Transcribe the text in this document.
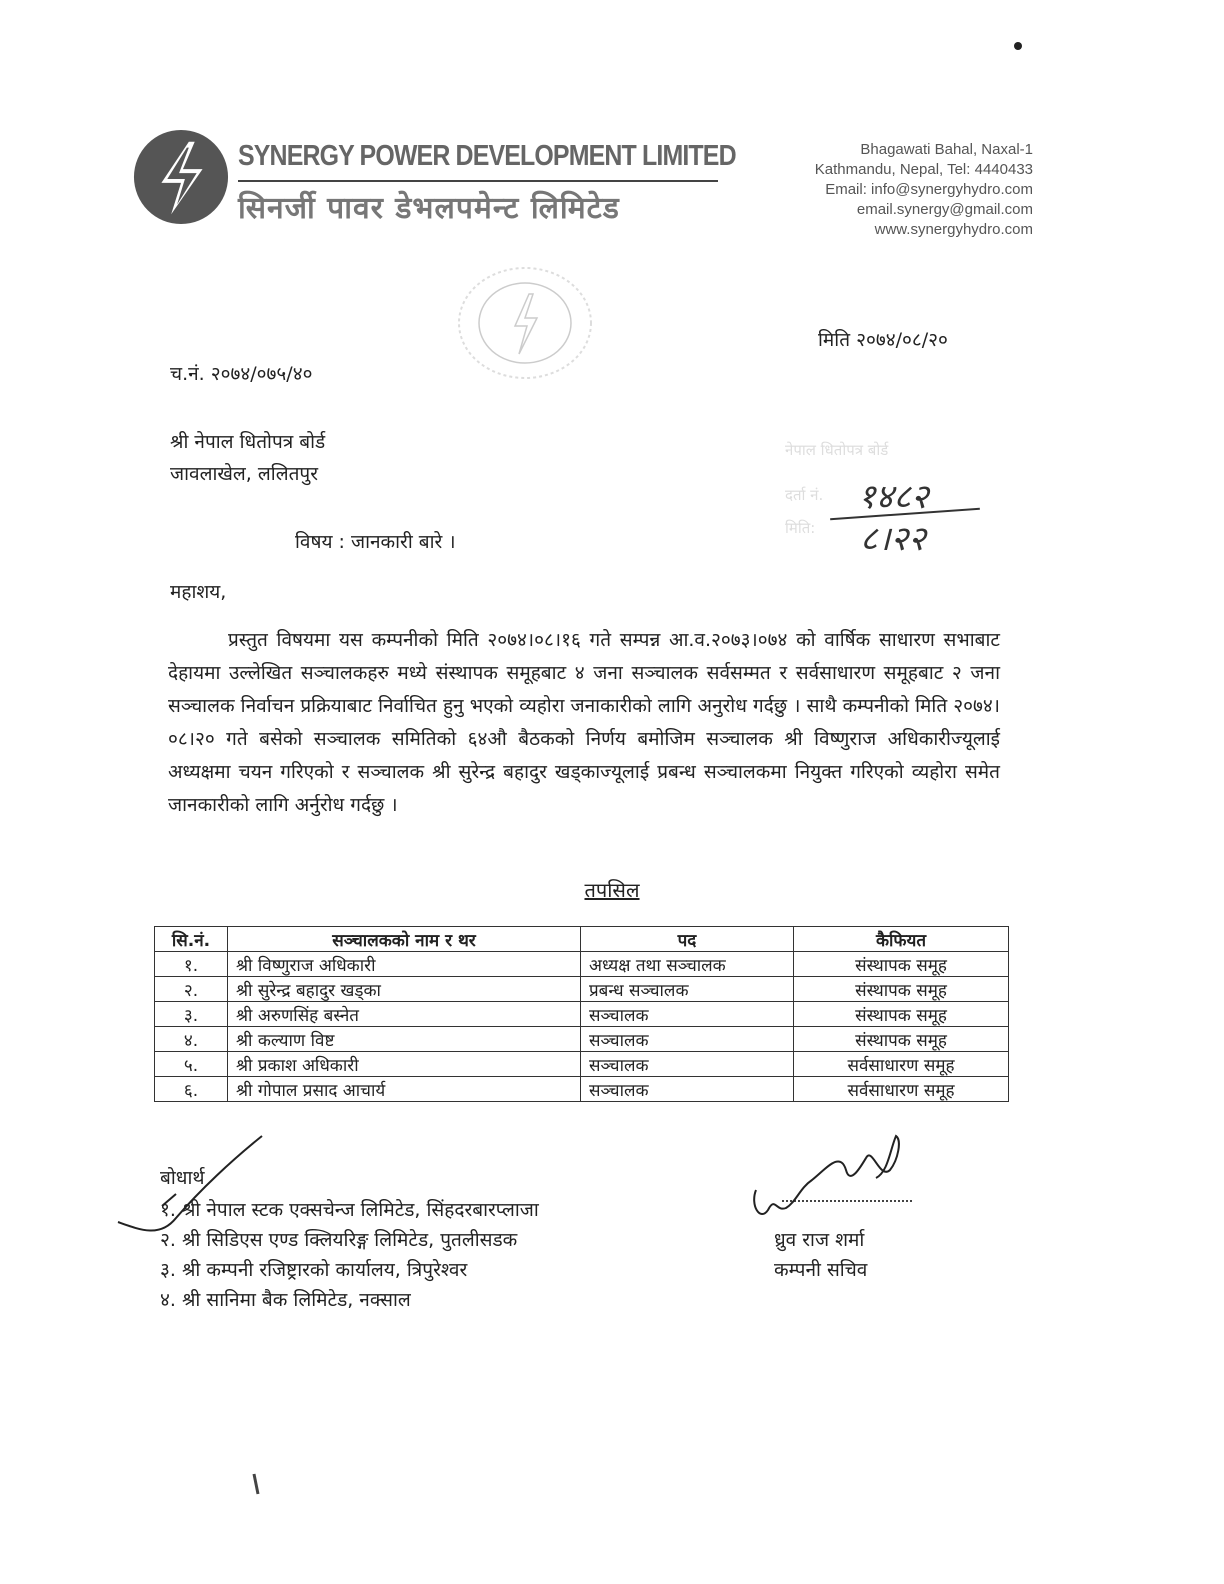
SYNERGY POWER DEVELOPMENT LIMITED
सिनर्जी पावर डेभलपमेन्ट लिमिटेड
Bhagawati Bahal, Naxal-1
Kathmandu, Nepal, Tel: 4440433
Email: info@synergyhydro.com
email.synergy@gmail.com
www.synergyhydro.com
मिति २०७४/०८/२०
च.नं. २०७४/०७५/४०
श्री नेपाल धितोपत्र बोर्ड
जावलाखेल, ललितपुर
नेपाल धितोपत्र बोर्ड
दर्ता नं.
मिति:
१४८२
८।२२
विषय : जानकारी बारे ।
महाशय,
प्रस्तुत विषयमा यस कम्पनीको मिति २०७४।०८।१६ गते सम्पन्न आ.व.२०७३।०७४ को वार्षिक साधारण सभाबाट देहायमा उल्लेखित सञ्चालकहरु मध्ये संस्थापक समूहबाट ४ जना सञ्चालक सर्वसम्मत र सर्वसाधारण समूहबाट २ जना सञ्चालक निर्वाचन प्रक्रियाबाट निर्वाचित हुनु भएको व्यहोरा जनाकारीको लागि अनुरोध गर्दछु । साथै कम्पनीको मिति २०७४।०८।२० गते बसेको सञ्चालक समितिको ६४औ बैठकको निर्णय बमोजिम सञ्चालक श्री विष्णुराज अधिकारीज्यूलाई अध्यक्षमा चयन गरिएको र सञ्चालक श्री सुरेन्द्र बहादुर खड्काज्यूलाई प्रबन्ध सञ्चालकमा नियुक्त गरिएको व्यहोरा समेत जानकारीको लागि अर्नुरोध गर्दछु ।
तपसिल
सि.नं.	सञ्चालकको नाम र थर	पद	कैफियत
१.	श्री विष्णुराज अधिकारी	अध्यक्ष तथा सञ्चालक	संस्थापक समूह
२.	श्री सुरेन्द्र बहादुर खड्का	प्रबन्ध सञ्चालक	संस्थापक समूह
३.	श्री अरुणसिंह बस्नेत	सञ्चालक	संस्थापक समूह
४.	श्री कल्याण विष्ट	सञ्चालक	संस्थापक समूह
५.	श्री प्रकाश अधिकारी	सञ्चालक	सर्वसाधारण समूह
६.	श्री गोपाल प्रसाद आचार्य	सञ्चालक	सर्वसाधारण समूह
बोधार्थ
१. श्री नेपाल स्टक एक्सचेन्ज लिमिटेड, सिंहदरबारप्लाजा
२. श्री सिडिएस एण्ड क्लियरिङ्ग लिमिटेड, पुतलीसडक
३. श्री कम्पनी रजिष्ट्रारको कार्यालय, त्रिपुरेश्वर
४. श्री सानिमा बैक लिमिटेड, नक्साल
ध्रुव राज शर्मा
कम्पनी सचिव
